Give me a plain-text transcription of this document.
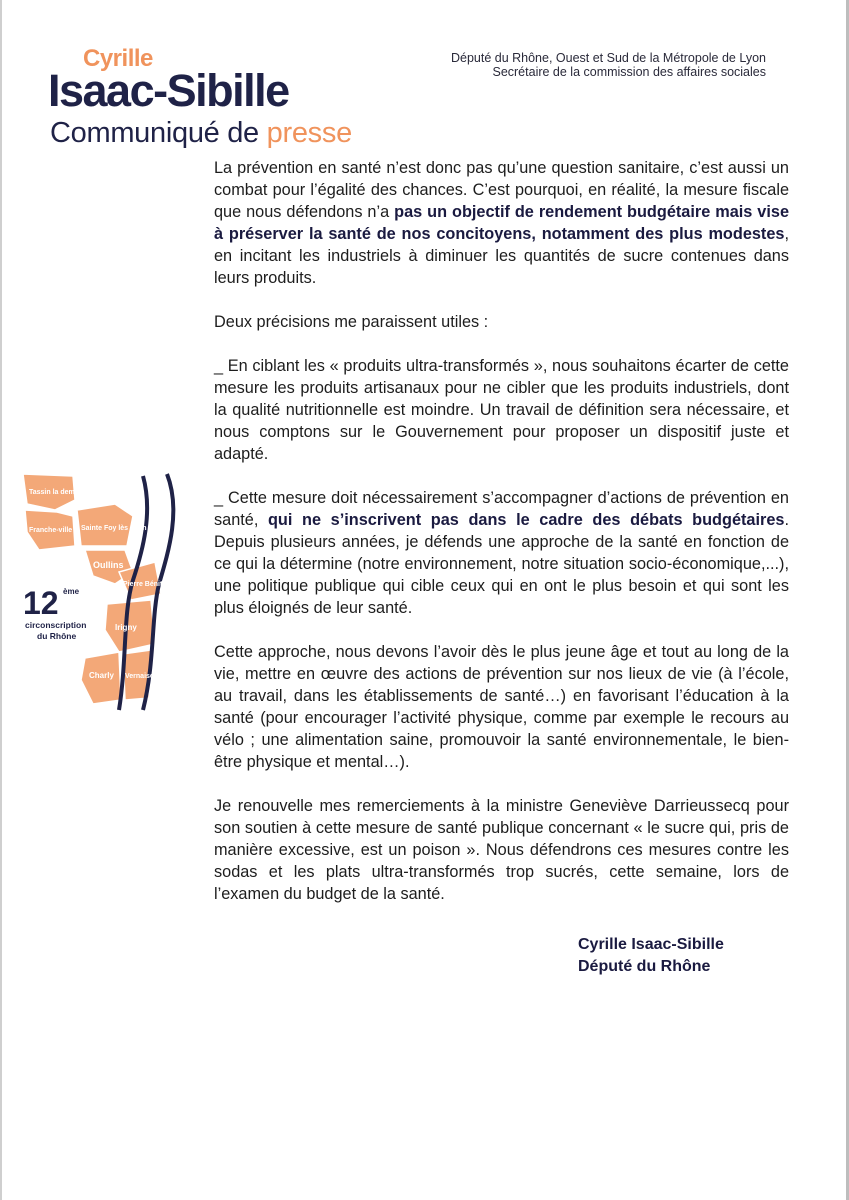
Cyrille
Isaac-Sibille
Communiqué de presse
Député du Rhône, Ouest et Sud de la Métropole de Lyon
Secrétaire de la commission des affaires sociales
Tassin la demi lune
Franche-ville Sainte Foy lès Lyon
Oullins
Pierre Bénite
Irigny
Charly Vernaison
12 ème
circonscription
du Rhône

La prévention en santé n’est donc pas qu’une question sanitaire, c’est aussi un combat pour l’égalité des chances. C’est pourquoi, en réalité, la mesure fiscale que nous défendons n’a pas un objectif de rendement budgétaire mais vise à préserver la santé de nos concitoyens, notamment des plus modestes, en incitant les industriels à diminuer les quantités de sucre contenues dans leurs produits.

Deux précisions me paraissent utiles :

_ En ciblant les « produits ultra-transformés », nous souhaitons écarter de cette mesure les produits artisanaux pour ne cibler que les produits industriels, dont la qualité nutritionnelle est moindre. Un travail de définition sera nécessaire, et nous comptons sur le Gouvernement pour proposer un dispositif juste et adapté.

_ Cette mesure doit nécessairement s’accompagner d’actions de prévention en santé, qui ne s’inscrivent pas dans le cadre des débats budgétaires. Depuis plusieurs années, je défends une approche de la santé en fonction de ce qui la détermine (notre environnement, notre situation socio-économique,...), une politique publique qui cible ceux qui en ont le plus besoin et qui sont les plus éloignés de leur santé.

Cette approche, nous devons l’avoir dès le plus jeune âge et tout au long de la vie, mettre en œuvre des actions de prévention sur nos lieux de vie (à l’école, au travail, dans les établissements de santé…) en favorisant l’éducation à la santé (pour encourager l’activité physique, comme par exemple le recours au vélo ; une alimentation saine, promouvoir la santé environnementale, le bien-être physique et mental…).

Je renouvelle mes remerciements à la ministre Geneviève Darrieussecq pour son soutien à cette mesure de santé publique concernant « le sucre qui, pris de manière excessive, est un poison ». Nous défendrons ces mesures contre les sodas et les plats ultra-transformés trop sucrés, cette semaine, lors de l’examen du budget de la santé.

Cyrille Isaac-Sibille
Député du Rhône
